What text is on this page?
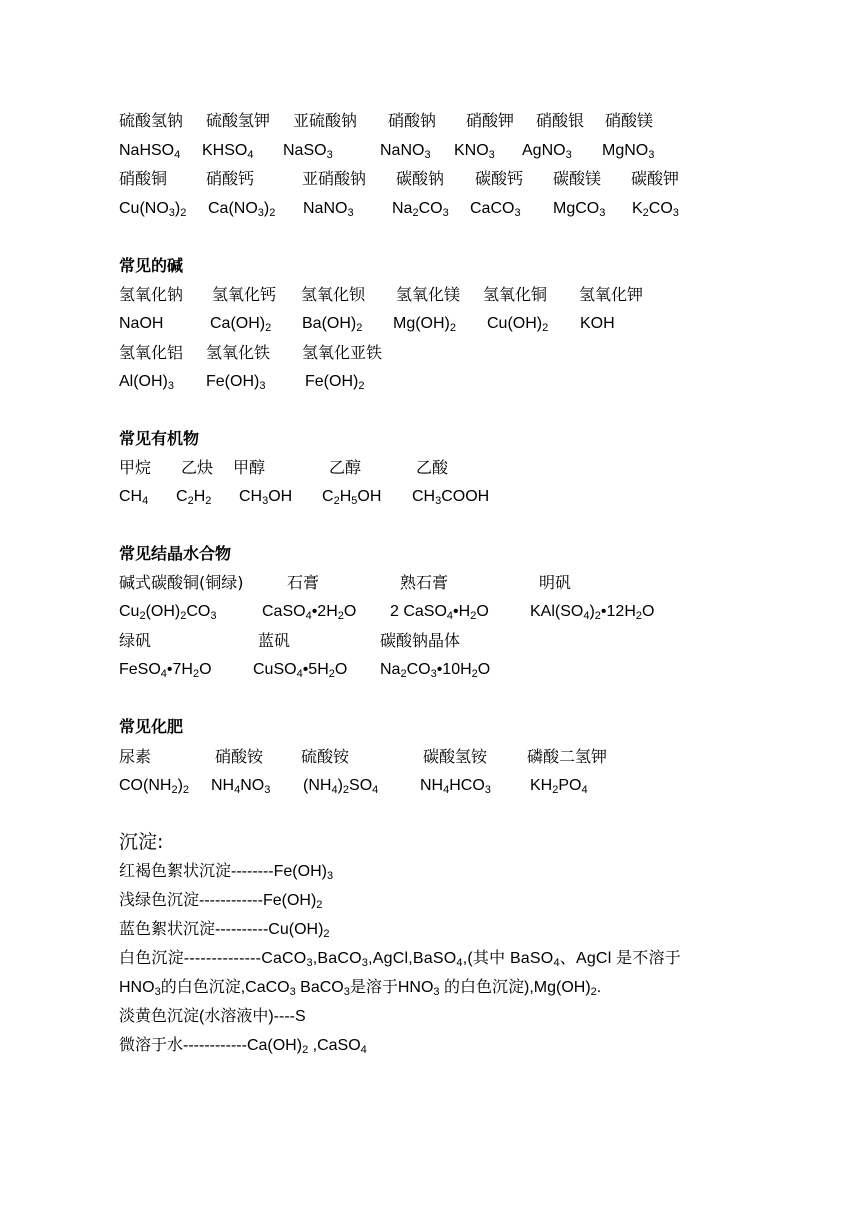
硫酸氢钠 硫酸氢钾 亚硫酸钠 硝酸钠 硝酸钾 硝酸银 硝酸镁
NaHSO$_4$ $KHSO_4$ NaSO$_3$	NaNO$_3$ $KNO_3$ AgNO$_3$ MgNO$_3$
硝酸铜 硝酸钙	亚硝酸钠 碳酸钠 碳酸钙 碳酸镁 碳酸钾
$Cu(NO_3)_2$ $Ca(NO_3)_2$ NaNO$_3$ $Na_2CO_3$ CaCO$_3$ MgCO$_3$ $K_2CO_3$
常见的碱
氢氧化钠 氢氧化钙 氢氧化钡 氢氧化镁 氢氧化铜 氢氧化钾
NaOH	$Ca(OH)_2$ $Ba(OH)_2$ $Mg(OH)_2$ $Cu(OH)_2$ KOH
氢氧化铝 氢氧化铁 氢氧化亚铁
$Al(OH)_3$ $Fe(OH)_3$ $Fe(OH)_2$
常见有机物
甲烷 乙炔 甲醇	乙醇	乙酸
$CH_4$ $C_2H_2$ $CH_3OH$ $C_2H_5OH$ $CH_3COOH$
常见结晶水合物
碱式碳酸铜(铜绿)	石膏	熟石膏	明矾
$Cu_2(OH)_2CO_3$	$CaSO_4•2H_2O$ 2 $CaSO_4•H_2O$	$KAl(SO_4)_2•12H_2O$
绿矾	蓝矾	碳酸钠晶体
$FeSO_4•7H_2O$	$CuSO_4•5H_2O$ $Na_2CO_3•10H_2O$
常见化肥
尿素	硝酸铵 硫酸铵	碳酸氢铵 磷酸二氢钾
$CO(NH_2)_2$ $NH_4NO_3$ $(NH_4)_2SO_4$	$NH_4HCO_3$ $KH_2PO_4$
沉淀:
红褐色絮状沉淀$--------Fe(OH)_3$
浅绿色沉淀$------------Fe(OH)_2$
蓝色絮状沉淀$----------Cu(OH)_2$
白色沉淀--------------CaCO$_3$,BaCO$_3$,AgCl,BaSO$_4$,(其中 BaSO$_4$、AgCl 是不溶于
$HNO_3$的白色沉淀,CaCO$_3$ BaCO$_3$是溶于$HNO_3$ 的白色沉淀)$,Mg(OH)_2$.
淡黄色沉淀(水溶液中)----S
微溶于水$------------Ca(OH)_2$ ,CaSO$_4$
